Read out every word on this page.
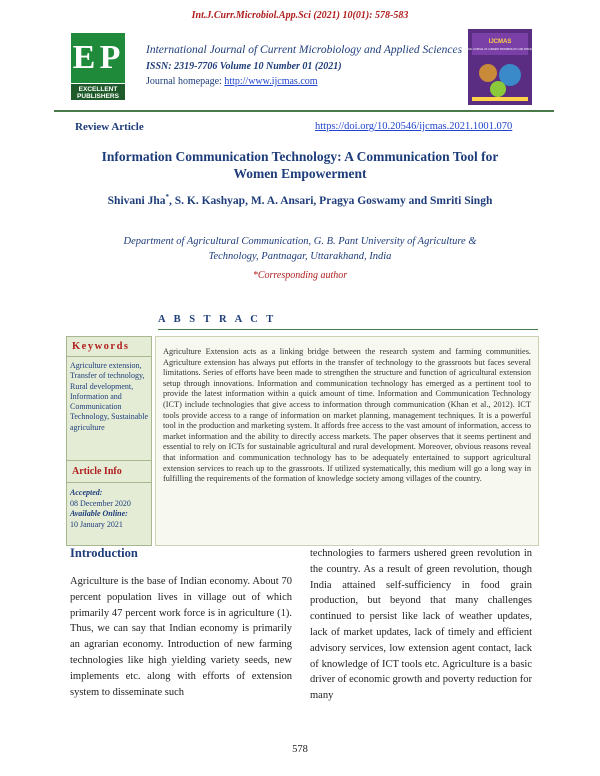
Int.J.Curr.Microbiol.App.Sci (2021) 10(01): 578-583
E P
EXCELLENT
PUBLISHERS
International Journal of Current Microbiology and Applied Sciences
ISSN: 2319-7706 Volume 10 Number 01 (2021)
Journal homepage: http://www.ijcmas.com
IJCMAS
INTERNATIONAL JOURNAL OF CURRENT MICROBIOLOGY AND APPLIED SCIENCES
Review Article	https://doi.org/10.20546/ijcmas.2021.1001.070
Information Communication Technology: A Communication Tool for
Women Empowerment
Shivani Jha*, S. K. Kashyap, M. A. Ansari, Pragya Goswamy and Smriti Singh
Department of Agricultural Communication, G. B. Pant University of Agriculture &
Technology, Pantnagar, Uttarakhand, India
*Corresponding author
A B S T R A C T
Keywords
Agriculture extension, Transfer of technology, Rural development, Information and Communication Technology, Sustainable agriculture
Article Info
Accepted:
08 December 2020
Available Online:
10 January 2021
Agriculture Extension acts as a linking bridge between the research system and farming communities. Agriculture extension has always put efforts in the transfer of technology to the grassroots but faces several limitations. Series of efforts have been made to strengthen the structure and function of agricultural extension setup through innovations. Information and communication technology has emerged as a pertinent tool to provide the latest information within a quick amount of time. Information and Communication Technology (ICT) include technologies that give access to information through communication (Khan et al., 2012). ICT tools provide access to a range of information on market planning, management techniques. It is a powerful tool in the production and marketing system. It affords free access to the vast amount of information, access to market information and the ability to directly access markets. The paper observes that it seems pertinent and essential to rely on ICTs for sustainable agricultural and rural development. Moreover, obvious reasons reveal that information and communication technology has to be adequately entertained to support agricultural extension services to reach up to the grassroots. If utilized systematically, this medium will go a long way in fulfilling the requirements of the formation of knowledge society among villages of the country.
Introduction
Agriculture is the base of Indian economy. About 70 percent population lives in village out of which primarily 47 percent work force is in agriculture (1). Thus, we can say that Indian economy is primarily an agrarian economy. Introduction of new farming technologies like high yielding variety seeds, new implements etc. along with efforts of extension system to disseminate such
technologies to farmers ushered green revolution in the country. As a result of green revolution, though India attained self-sufficiency in food grain production, but beyond that many challenges continued to persist like lack of weather updates, lack of market updates, lack of timely and efficient advisory services, low extension agent contact, lack of knowledge of ICT tools etc. Agriculture is a basic driver of economic growth and poverty reduction for many
578
